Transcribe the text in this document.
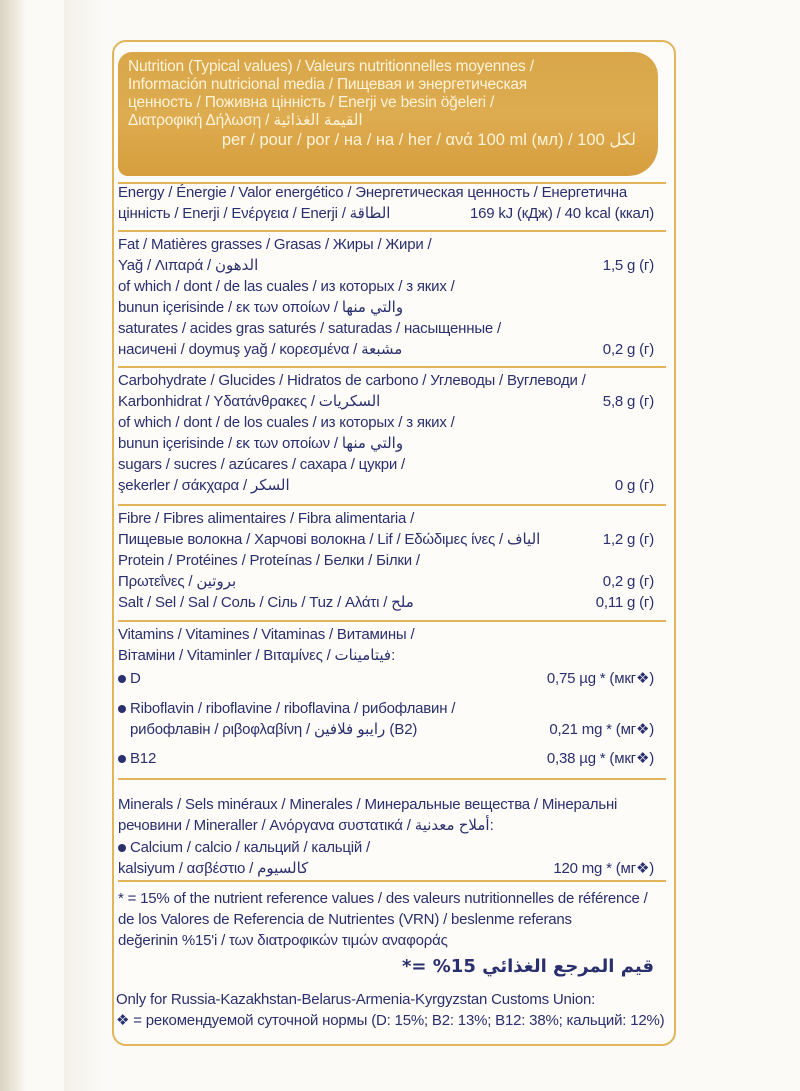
Nutrition (Typical values) / Valeurs nutritionnelles moyennes /
Información nutricional media / Пищевая и энергетическая
ценность / Поживна цінність / Enerji ve besin öğeleri /
Διατροφική Δήλωση / القيمة الغذائية
per / pour / por / на / на / her / ανά 100 ml (мл) / 100 لكل
Energy / Énergie / Valor energético / Энергетическая ценность / Енергетична
цінність / Enerji / Ενέργεια / Enerji / الطاقة	169 kJ (кДж) / 40 kcal (ккал)
Fat / Matières grasses / Grasas / Жиры / Жири /
Yağ / Λιπαρά / الدهون	1,5 g (г)
of which / dont / de las cuales / из которых / з яких /
bunun içerisinde / εκ των οποίων / والتي منها
saturates / acides gras saturés / saturadas / насыщенные /
насичені / doymuş yağ / κορεσμένα / مشبعة	0,2 g (г)
Carbohydrate / Glucides / Hidratos de carbono / Углеводы / Вуглеводи /
Karbonhidrat / Υδατάνθρακες / السكريات	5,8 g (г)
of which / dont / de los cuales / из которых / з яких /
bunun içerisinde / εκ των οποίων / والتي منها
sugars / sucres / azúcares / сахара / цукри /
şekerler / σάκχαρα / السكر	0 g (г)
Fibre / Fibres alimentaires / Fibra alimentaria /
Пищевые волокна / Харчові волокна / Lif / Εδώδιμες ίνες / الياف	1,2 g (г)
Protein / Protéines / Proteínas / Белки / Білки /
Πρωτεΐνες / بروتين	0,2 g (г)
Salt / Sel / Sal / Соль / Сіль / Tuz / Αλάτι / ملح	0,11 g (г)
Vitamins / Vitamines / Vitaminas / Витамины /
Вітаміни / Vitaminler / Βιταμίνες / فيتامينات:
D	0,75 µg * (мкг❖)
Riboflavin / riboflavine / riboflavina / рибофлавин /
рибофлавін / ριβοφλαβίνη / رايبو فلافين (B2)	0,21 mg * (мг❖)
B12	0,38 µg * (мкг❖)
Minerals / Sels minéraux / Minerales / Минеральные вещества / Мінеральні
речовини / Mineraller / Ανόργανα συστατικά / أملاح معدنية:
Calcium / calcio / кальций / кальцій /
kalsiyum / ασβέστιο / كالسيوم	120 mg * (мг❖)
* = 15% of the nutrient reference values / des valeurs nutritionnelles de référence /
de los Valores de Referencia de Nutrientes (VRN) / beslenme referans
değerinin %15'i / των διατροφικών τιμών αναφοράς
*= %15 قيم المرجع الغذائي
Only for Russia-Kazakhstan-Belarus-Armenia-Kyrgyzstan Customs Union:
❖ = рекомендуемой суточной нормы (D: 15%; B2: 13%; B12: 38%; кальций: 12%)
